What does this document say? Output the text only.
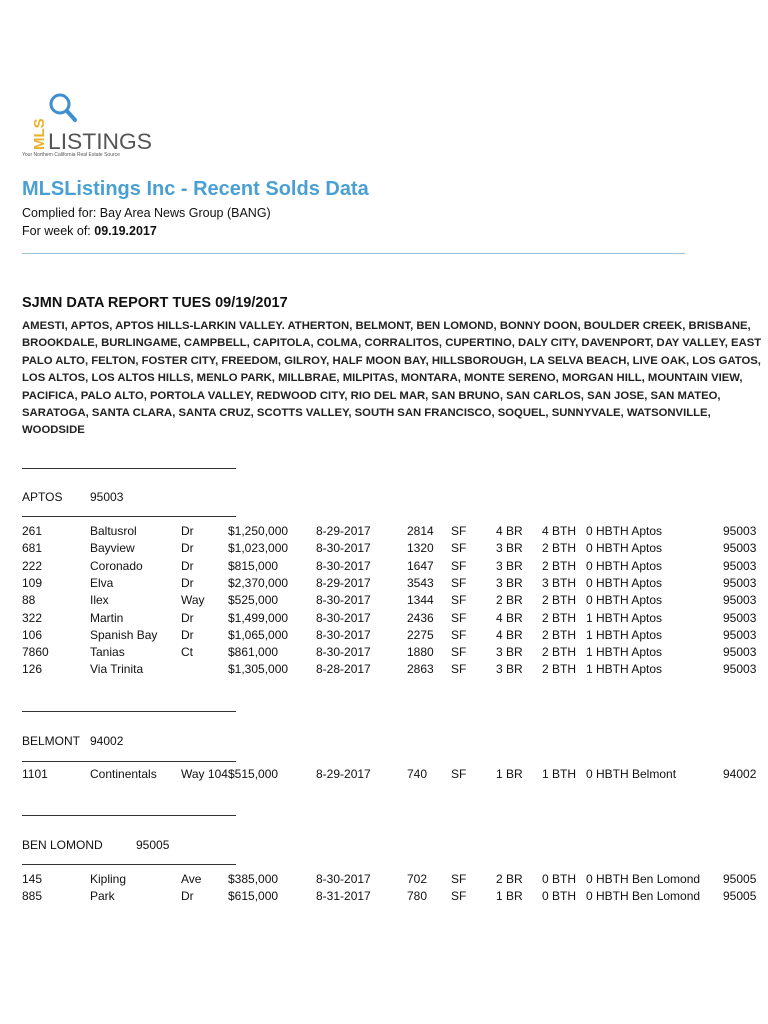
MLS LISTINGS
Your Northern California Real Estate Source
MLSListings Inc - Recent Solds Data
Complied for: Bay Area News Group (BANG)
For week of: 09.19.2017
SJMN DATA REPORT TUES 09/19/2017
AMESTI, APTOS, APTOS HILLS-LARKIN VALLEY. ATHERTON, BELMONT, BEN LOMOND, BONNY DOON, BOULDER CREEK, BRISBANE, BROOKDALE, BURLINGAME, CAMPBELL, CAPITOLA, COLMA, CORRALITOS, CUPERTINO, DALY CITY, DAVENPORT, DAY VALLEY, EAST PALO ALTO, FELTON, FOSTER CITY, FREEDOM, GILROY, HALF MOON BAY, HILLSBOROUGH, LA SELVA BEACH, LIVE OAK, LOS GATOS, LOS ALTOS, LOS ALTOS HILLS, MENLO PARK, MILLBRAE, MILPITAS, MONTARA, MONTE SERENO, MORGAN HILL, MOUNTAIN VIEW, PACIFICA, PALO ALTO, PORTOLA VALLEY, REDWOOD CITY, RIO DEL MAR, SAN BRUNO, SAN CARLOS, SAN JOSE, SAN MATEO, SARATOGA, SANTA CLARA, SANTA CRUZ, SCOTTS VALLEY, SOUTH SAN FRANCISCO, SOQUEL, SUNNYVALE, WATSONVILLE, WOODSIDE
APTOS 95003
261	Baltusrol	Dr	$1,250,000 8-29-2017	2814 SF 4 BR 4 BTH 0 HBTH Aptos	95003
681	Bayview	Dr	$1,023,000 8-30-2017	1320 SF 3 BR 2 BTH 0 HBTH Aptos	95003
222	Coronado	Dr	$815,000	8-30-2017	1647 SF 3 BR 2 BTH 0 HBTH Aptos	95003
109	Elva	Dr	$2,370,000 8-29-2017	3543 SF 3 BR 3 BTH 0 HBTH Aptos	95003
88	Ilex	Way $525,000	8-30-2017	1344 SF 2 BR 2 BTH 0 HBTH Aptos	95003
322	Martin	Dr	$1,499,000 8-30-2017	2436 SF 4 BR 2 BTH 1 HBTH Aptos	95003
106	Spanish Bay Dr	$1,065,000 8-30-2017	2275 SF 4 BR 2 BTH 1 HBTH Aptos	95003
7860	Tanias	Ct	$861,000	8-30-2017	1880 SF 3 BR 2 BTH 1 HBTH Aptos	95003
126	Via Trinita	$1,305,000 8-28-2017	2863 SF 3 BR 2 BTH 1 HBTH Aptos	95003
BELMONT 94002
1101	Continentals Way 104 $515,000	8-29-2017	740 SF 1 BR 1 BTH 0 HBTH Belmont	94002
BEN LOMOND	95005
145	Kipling	Ave $385,000	8-30-2017	702 SF 2 BR 0 BTH 0 HBTH Ben Lomond 95005
885	Park	Dr	$615,000	8-31-2017	780 SF 1 BR 0 BTH 0 HBTH Ben Lomond 95005
